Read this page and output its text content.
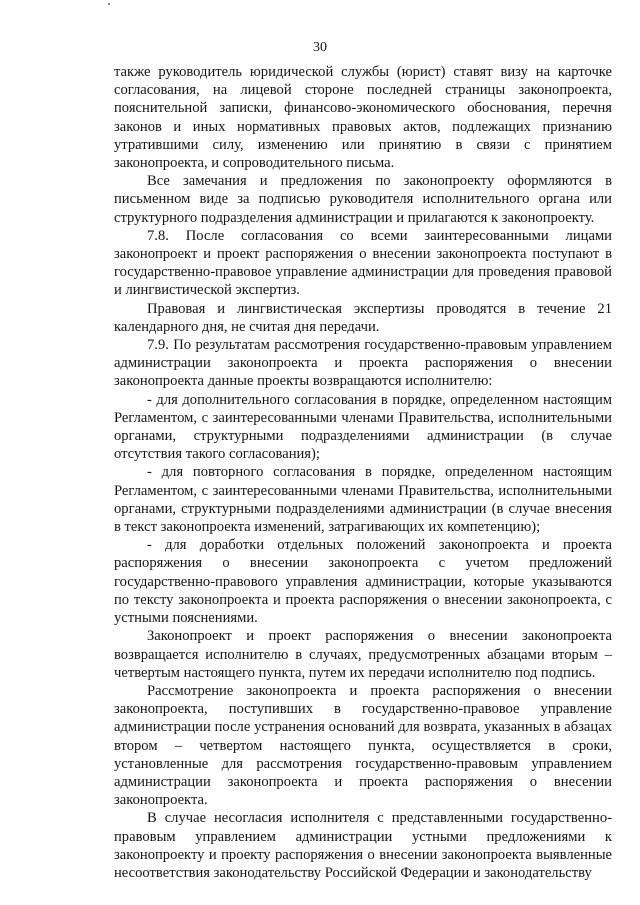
30

также руководитель юридической службы (юрист) ставят визу на карточке согласования, на лицевой стороне последней страницы законопроекта, пояснительной записки, финансово-экономического обоснования, перечня законов и иных нормативных правовых актов, подлежащих признанию утратившими силу, изменению или принятию в связи с принятием законопроекта, и сопроводительного письма.

Все замечания и предложения по законопроекту оформляются в письменном виде за подписью руководителя исполнительного органа или структурного подразделения администрации и прилагаются к законопроекту.

7.8. После согласования со всеми заинтересованными лицами законопроект и проект распоряжения о внесении законопроекта поступают в государственно-правовое управление администрации для проведения правовой и лингвистической экспертиз.

Правовая и лингвистическая экспертизы проводятся в течение 21 календарного дня, не считая дня передачи.

7.9. По результатам рассмотрения государственно-правовым управлением администрации законопроекта и проекта распоряжения о внесении законопроекта данные проекты возвращаются исполнителю:

- для дополнительного согласования в порядке, определенном настоящим Регламентом, с заинтересованными членами Правительства, исполнительными органами, структурными подразделениями администрации (в случае отсутствия такого согласования);

- для повторного согласования в порядке, определенном настоящим Регламентом, с заинтересованными членами Правительства, исполнительными органами, структурными подразделениями администрации (в случае внесения в текст законопроекта изменений, затрагивающих их компетенцию);

- для доработки отдельных положений законопроекта и проекта распоряжения о внесении законопроекта с учетом предложений государственно-правового управления администрации, которые указываются по тексту законопроекта и проекта распоряжения о внесении законопроекта, с устными пояснениями.

Законопроект и проект распоряжения о внесении законопроекта возвращается исполнителю в случаях, предусмотренных абзацами вторым – четвертым настоящего пункта, путем их передачи исполнителю под подпись.

Рассмотрение законопроекта и проекта распоряжения о внесении законопроекта, поступивших в государственно-правовое управление администрации после устранения оснований для возврата, указанных в абзацах втором – четвертом настоящего пункта, осуществляется в сроки, установленные для рассмотрения государственно-правовым управлением администрации законопроекта и проекта распоряжения о внесении законопроекта.

В случае несогласия исполнителя с представленными государственно-правовым управлением администрации устными предложениями к законопроекту и проекту распоряжения о внесении законопроекта выявленные несоответствия законодательству Российской Федерации и законодательству
